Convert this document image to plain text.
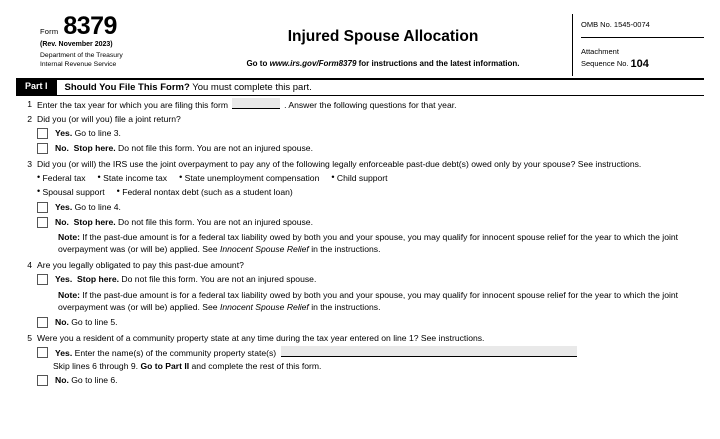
Form 8379
(Rev. November 2023)
Department of the Treasury
Internal Revenue Service
Injured Spouse Allocation
Go to www.irs.gov/Form8379 for instructions and the latest information.
OMB No. 1545-0074
Attachment
Sequence No. 104
Part I	Should You File This Form? You must complete this part.
1 Enter the tax year for which you are filing this form	. Answer the following questions for that year.
2 Did you (or will you) file a joint return?
Yes. Go to line 3.
No. Stop here. Do not file this form. You are not an injured spouse.
3 Did you (or will) the IRS use the joint overpayment to pay any of the following legally enforceable past-due debt(s) owed only by your spouse? See instructions.
• Federal tax • State income tax • State unemployment compensation • Child support
• Spousal support • Federal nontax debt (such as a student loan)
Yes. Go to line 4.
No. Stop here. Do not file this form. You are not an injured spouse.
Note: If the past-due amount is for a federal tax liability owed by both you and your spouse, you may qualify for innocent spouse relief for the year to which the joint overpayment was (or will be) applied. See Innocent Spouse Relief in the instructions.
4 Are you legally obligated to pay this past-due amount?
Yes. Stop here. Do not file this form. You are not an injured spouse.
Note: If the past-due amount is for a federal tax liability owed by both you and your spouse, you may qualify for innocent spouse relief for the year to which the joint overpayment was (or will be) applied. See Innocent Spouse Relief in the instructions.
No. Go to line 5.
5 Were you a resident of a community property state at any time during the tax year entered on line 1? See instructions.
Yes. Enter the name(s) of the community property state(s)
Skip lines 6 through 9. Go to Part II and complete the rest of this form.
No. Go to line 6.
